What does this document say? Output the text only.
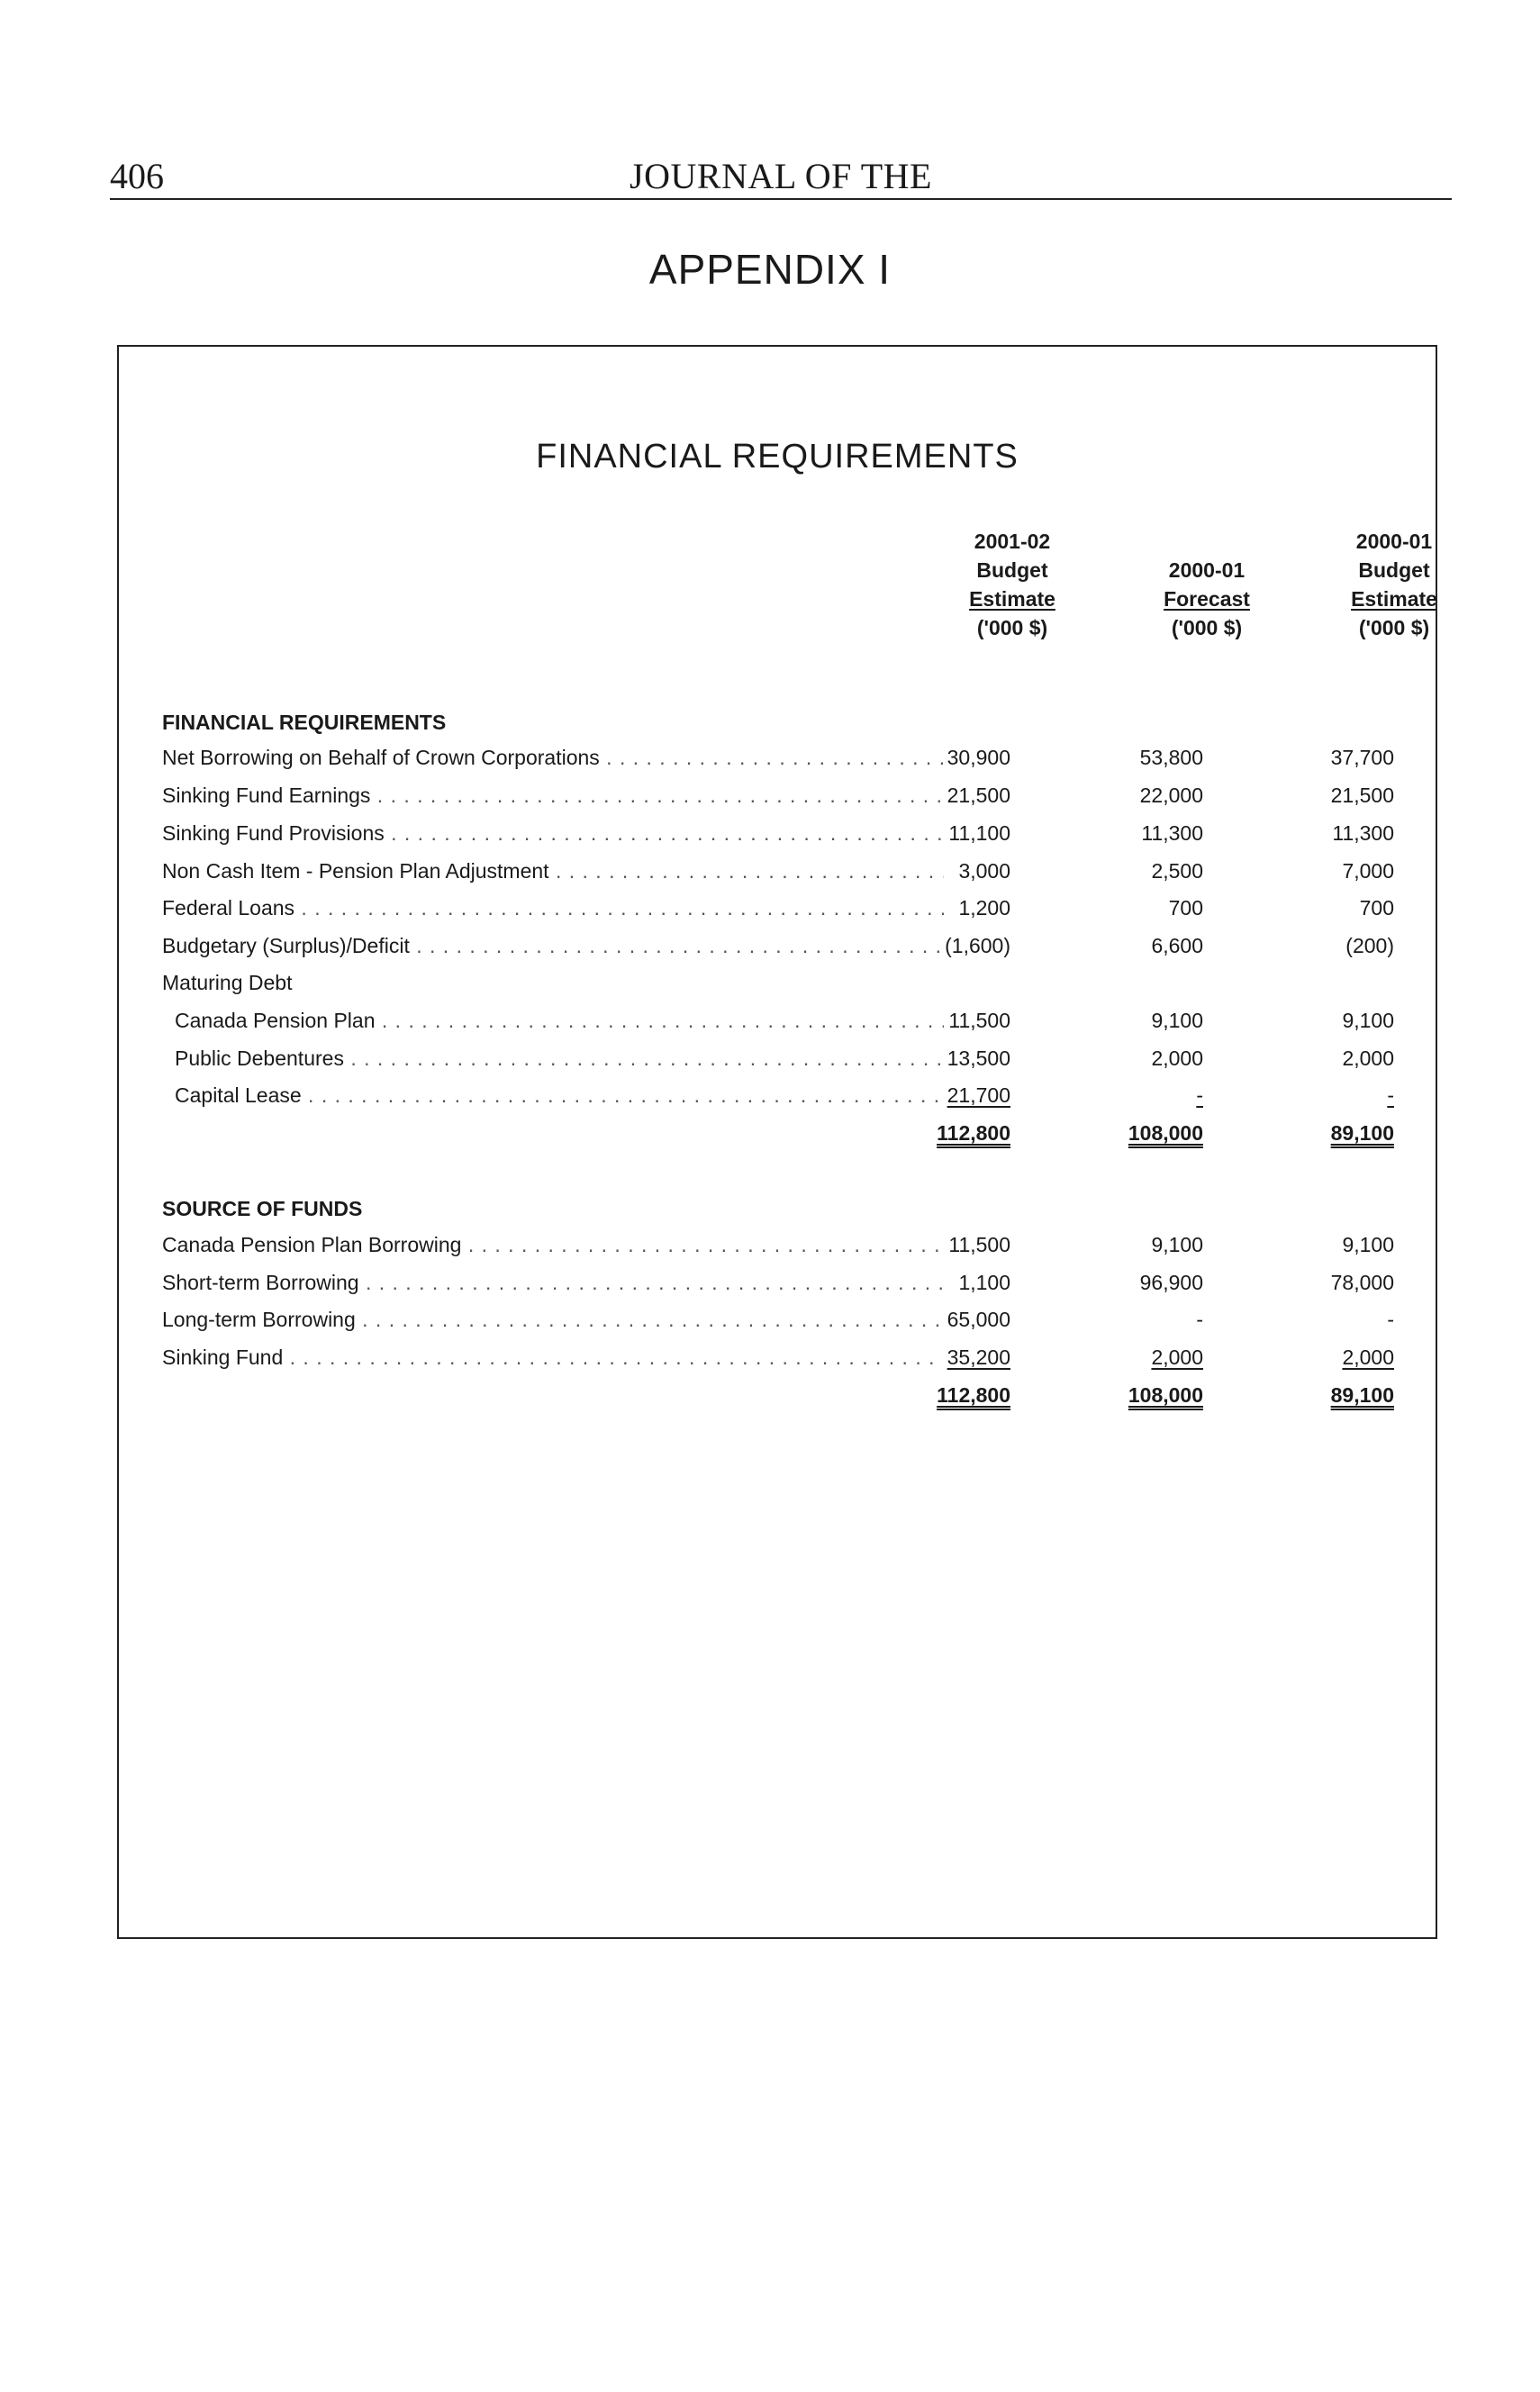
406	JOURNAL OF THE
APPENDIX I
FINANCIAL REQUIREMENTS
2001-02
Budget
Estimate
('000 $)
2000-01
Forecast
('000 $)
2000-01
Budget
Estimate
('000 $)
FINANCIAL REQUIREMENTS
Net Borrowing on Behalf of Crown Corporations . . .	30,900	53,800	37,700
Sinking Fund Earnings . . .	21,500	22,000	21,500
Sinking Fund Provisions . . .	11,100	11,300	11,300
Non Cash Item - Pension Plan Adjustment . . .	3,000	2,500	7,000
Federal Loans . . .	1,200	700	700
Budgetary (Surplus)/Deficit . . .	(1,600)	6,600	(200)
Maturing Debt
Canada Pension Plan . . .	11,500	9,100	9,100
Public Debentures . . .	13,500	2,000	2,000
Capital Lease . . .	21,700	-	-
112,800	108,000	89,100
SOURCE OF FUNDS
Canada Pension Plan Borrowing . . .	11,500	9,100	9,100
Short-term Borrowing . . .	1,100	96,900	78,000
Long-term Borrowing . . .	65,000	-	-
Sinking Fund . . .	35,200	2,000	2,000
112,800	108,000	89,100
